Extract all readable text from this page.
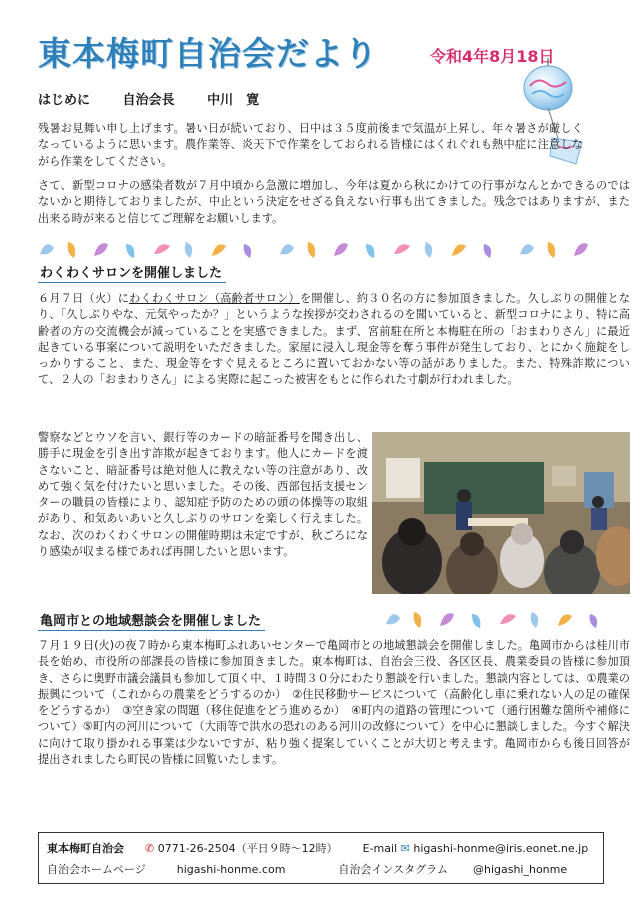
東本梅町自治会だより	令和4年8月18日
はじめに	自治会長	中川　寛
残暑お見舞い申し上げます。暑い日が続いており、日中は３５度前後まで気温が上昇し、年々暑さが厳しくなっているように思います。農作業等、炎天下で作業をしておられる皆様にはくれぐれも熱中症に注意しながら作業をしてください。
さて、新型コロナの感染者数が７月中頃から急激に増加し、今年は夏から秋にかけての行事がなんとかできるのではないかと期待しておりましたが、中止という決定をせざる負えない行事も出てきました。残念ではありますが、また出来る時が来ると信じてご理解をお願いします。
わくわくサロンを開催しました
６月７日（火）にわくわくサロン（高齢者サロン）を開催し、約３０名の方に参加頂きました。久しぶりの開催となり、「久しぶりやな、元気やったか？」というような挨拶が交わされるのを聞いていると、新型コロナにより、特に高齢者の方の交流機会が減っていることを実感できました。まず、宮前駐在所と本梅駐在所の「おまわりさん」に最近起きている事案について説明をいただきました。家屋に浸入し現金等を奪う事件が発生しており、とにかく施錠をしっかりすること、また、現金等をすぐ見えるところに置いておかない等の話がありました。また、特殊詐欺について、２人の「おまわりさん」による実際に起こった被害をもとに作られた寸劇が行われました。
警察などとウソを言い、銀行等のカードの暗証番号を聞き出し、勝手に現金を引き出す詐欺が起きております。他人にカードを渡さないこと、暗証番号は絶対他人に教えない等の注意があり、改めて強く気を付けたいと思いました。その後、西部包括支援センターの職員の皆様により、認知症予防のための頭の体操等の取組があり、和気あいあいと久しぶりのサロンを楽しく行えました。なお、次のわくわくサロンの開催時期は未定ですが、秋ごろになり感染が収まる様であれば再開したいと思います。
亀岡市との地域懇談会を開催しました
７月１９日(火)の夜７時から東本梅町ふれあいセンターで亀岡市との地域懇談会を開催しました。亀岡市からは桂川市長を始め、市役所の部課長の皆様に参加頂きました。東本梅町は、自治会三役、各区区長、農業委員の皆様に参加頂き、さらに奥野市議会議員も参加して頂く中、１時間３０分にわたり懇談を行いました。懇談内容としては、①農業の振興について（これからの農業をどうするのか）　②住民移動サービスについて（高齢化し車に乗れない人の足の確保をどうするか）　③空き家の問題（移住促進をどう進めるか）　④町内の道路の管理について（通行困難な箇所や補修について）⑤町内の河川について（大雨等で洪水の恐れのある河川の改修について）を中心に懇談しました。今すぐ解決に向けて取り掛かれる事業は少ないですが、粘り強く提案していくことが大切と考えます。亀岡市からも後日回答が提出されましたら町民の皆様に回覧いたします。
東本梅町自治会 ✆ 0771-26-2504（平日９時～12時） E-mail ✉ higashi-honme@iris.eonet.ne.jp
自治会ホームページ	higashi-honme.com	自治会インスタグラム @higashi_honme
